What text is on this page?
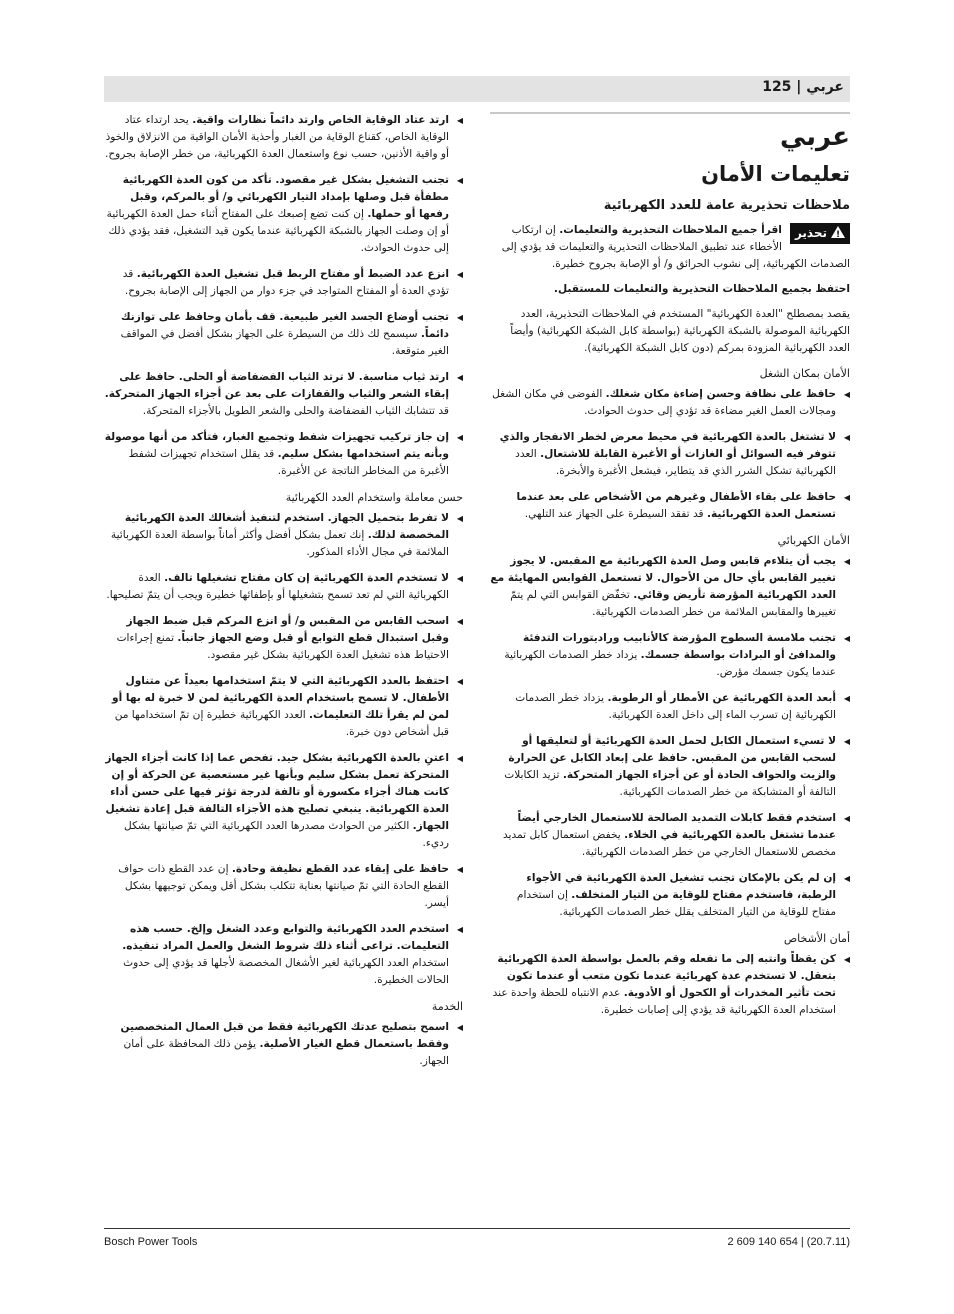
عربي | 125
عربي
تعليمات الأمان
ملاحظات تحذيرية عامة للعدد الكهربائية
!تحذير
اقرأ جميع الملاحظات التحذيرية والتعليمات. إن ارتكاب الأخطاء عند تطبيق الملاحظات التحذيرية والتعليمات قد يؤدي إلى الصدمات الكهربائية، إلى نشوب الحرائق و/ أو الإصابة بجروح خطيرة.
احتفظ بجميع الملاحظات التحذيرية والتعليمات للمستقبل.
يقصد بمصطلح "العدة الكهربائية" المستخدم في الملاحظات التحذيرية، العدد الكهربائية الموصولة بالشبكة الكهربائية (بواسطة كابل الشبكة الكهربائية) وأيضاً العدد الكهربائية المزودة بمركم (دون كابل الشبكة الكهربائية).
الأمان بمكان الشغل
◀
حافظ على نظافة وحسن إضاءة مكان شغلك. الفوضى في مكان الشغل ومجالات العمل الغير مضاءة قد تؤدي إلى حدوث الحوادث.
◀
لا تشتغل بالعدة الكهربائية في محيط معرض لخطر الانفجار والذي تتوفر فيه السوائل أو الغازات أو الأغبرة القابلة للاشتعال. العدد الكهربائية تشكل الشرر الذي قد يتطاير، فيشعل الأغبرة والأبخرة.
◀
حافظ على بقاء الأطفال وغيرهم من الأشخاص على بعد عندما تستعمل العدة الكهربائية. قد تفقد السيطرة على الجهاز عند التلهي.
الأمان الكهربائي
◀
يجب أن يتلاءم قابس وصل العدة الكهربائية مع المقبس. لا يجوز تغيير القابس بأي حال من الأحوال. لا تستعمل القوابس المهايئة مع العدد الكهربائية المؤرضة تأريض وقائي. تخفّض القوابس التي لم يتمّ تغييرها والمقابس الملائمة من خطر الصدمات الكهربائية.
◀
تجنب ملامسة السطوح المؤرضة كالأنابيب وراديتورات التدفئة والمدافئ أو البرادات بواسطة جسمك. يزداد خطر الصدمات الكهربائية عندما يكون جسمك مؤرض.
◀
أبعد العدة الكهربائية عن الأمطار أو الرطوبة. يزداد خطر الصدمات الكهربائية إن تسرب الماء إلى داخل العدة الكهربائية.
◀
لا تسيء استعمال الكابل لحمل العدة الكهربائية أو لتعليقها أو لسحب القابس من المقبس. حافظ على إبعاد الكابل عن الحرارة والزيت والحواف الحادة أو عن أجزاء الجهاز المتحركة. تزيد الكابلات التالفة أو المتشابكة من خطر الصدمات الكهربائية.
◀
استخدم فقط كابلات التمديد الصالحة للاستعمال الخارجي أيضاً عندما تشتغل بالعدة الكهربائية في الخلاء. يخفض استعمال كابل تمديد مخصص للاستعمال الخارجي من خطر الصدمات الكهربائية.
◀
إن لم يكن بالإمكان تجنب تشغيل العدة الكهربائية في الأجواء الرطبة، فاستخدم مفتاح للوقاية من التيار المتخلف. إن استخدام مفتاح للوقاية من التيار المتخلف يقلل خطر الصدمات الكهربائية.
أمان الأشخاص
◀
كن يقظاً وانتبه إلى ما تفعله وقم بالعمل بواسطة العدة الكهربائية بتعقل. لا تستخدم عدة كهربائية عندما تكون متعب أو عندما تكون تحت تأثير المخدرات أو الكحول أو الأدوية. عدم الانتباه للحظة واحدة عند استخدام العدة الكهربائية قد يؤدي إلى إصابات خطيرة.
◀
ارتد عتاد الوقاية الخاص وارتد دائماً نظارات واقية. يحد ارتداء عتاد الوقاية الخاص، كقناع الوقاية من الغبار وأحذية الأمان الواقية من الانزلاق والخوذ أو واقية الأذنين، حسب نوع واستعمال العدة الكهربائية، من خطر الإصابة بجروح.
◀
تجنب التشغيل بشكل غير مقصود. تأكد من كون العدة الكهربائية مطفأة قبل وصلها بإمداد التيار الكهربائي و/ أو بالمركم، وقبل رفعها أو حملها. إن كنت تضع إصبعك على المفتاح أثناء حمل العدة الكهربائية أو إن وصلت الجهاز بالشبكة الكهربائية عندما يكون قيد التشغيل، فقد يؤدي ذلك إلى حدوث الحوادث.
◀
انزع عدد الضبط أو مفتاح الربط قبل تشغيل العدة الكهربائية. قد تؤدي العدة أو المفتاح المتواجد في جزء دوار من الجهاز إلى الإصابة بجروح.
◀
تجنب أوضاع الجسد الغير طبيعية. قف بأمان وحافظ على توازنك دائماً. سيسمح لك ذلك من السيطرة على الجهاز بشكل أفضل في المواقف الغير متوقعة.
◀
ارتد ثياب مناسبة. لا ترتد الثياب الفضفاضة أو الحلى. حافظ على إبقاء الشعر والثياب والقفازات على بعد عن أجزاء الجهاز المتحركة. قد تتشابك الثياب الفضفاضة والحلى والشعر الطويل بالأجزاء المتحركة.
◀
إن جاز تركيب تجهيزات شفط وتجميع الغبار، فتأكد من أنها موصولة وبأنه يتم استخدامها بشكل سليم. قد يقلل استخدام تجهيزات لشفط الأغبرة من المخاطر الناتجة عن الأغبرة.
حسن معاملة واستخدام العدد الكهربائية
◀
لا تفرط بتحميل الجهاز. استخدم لتنفيذ أشغالك العدة الكهربائية المخصصة لذلك. إنك تعمل بشكل أفضل وأكثر أماناً بواسطة العدة الكهربائية الملائمة في مجال الأداء المذكور.
◀
لا تستخدم العدة الكهربائية إن كان مفتاح تشغيلها تالف. العدة الكهربائية التي لم تعد تسمح بتشغيلها أو بإطفائها خطيرة ويجب أن يتمّ تصليحها.
◀
اسحب القابس من المقبس و/ أو انزع المركم قبل ضبط الجهاز وقبل استبدال قطع التوابع أو قبل وضع الجهاز جانباً. تمنع إجراءات الاحتياط هذه تشغيل العدة الكهربائية بشكل غير مقصود.
◀
احتفظ بالعدد الكهربائية التي لا يتمّ استخدامها بعيداً عن متناول الأطفال. لا تسمح باستخدام العدة الكهربائية لمن لا خبرة له بها أو لمن لم يقرأ تلك التعليمات. العدد الكهربائية خطيرة إن تمّ استخدامها من قبل أشخاص دون خبرة.
◀
اعتنِ بالعدة الكهربائية بشكل جيد. تفحص عما إذا كانت أجزاء الجهاز المتحركة تعمل بشكل سليم وبأنها غير مستعصية عن الحركة أو إن كانت هناك أجزاء مكسورة أو تالفة لدرجة تؤثر فيها على حسن أداء العدة الكهربائية. ينبغي تصليح هذه الأجزاء التالفة قبل إعادة تشغيل الجهاز. الكثير من الحوادث مصدرها العدد الكهربائية التي تمّ صيانتها بشكل رديء.
◀
حافظ على إبقاء عدد القطع نظيفة وحادة. إن عدد القطع ذات حواف القطع الحادة التي تمّ صيانتها بعناية تتكلب بشكل أقل ويمكن توجيهها بشكل أيسر.
◀
استخدم العدد الكهربائية والتوابع وعدد الشغل وإلخ. حسب هذه التعليمات. تراعى أثناء ذلك شروط الشغل والعمل المراد تنفيذه. استخدام العدد الكهربائية لغير الأشغال المخصصة لأجلها قد يؤدي إلى حدوث الحالات الخطيرة.
الخدمة
◀
اسمح بتصليح عدتك الكهربائية فقط من قبل العمال المتخصصين وفقط باستعمال قطع الغيار الأصلية. يؤمن ذلك المحافظة على أمان الجهاز.
Bosch Power Tools	2 609 140 654 | (20.7.11)
